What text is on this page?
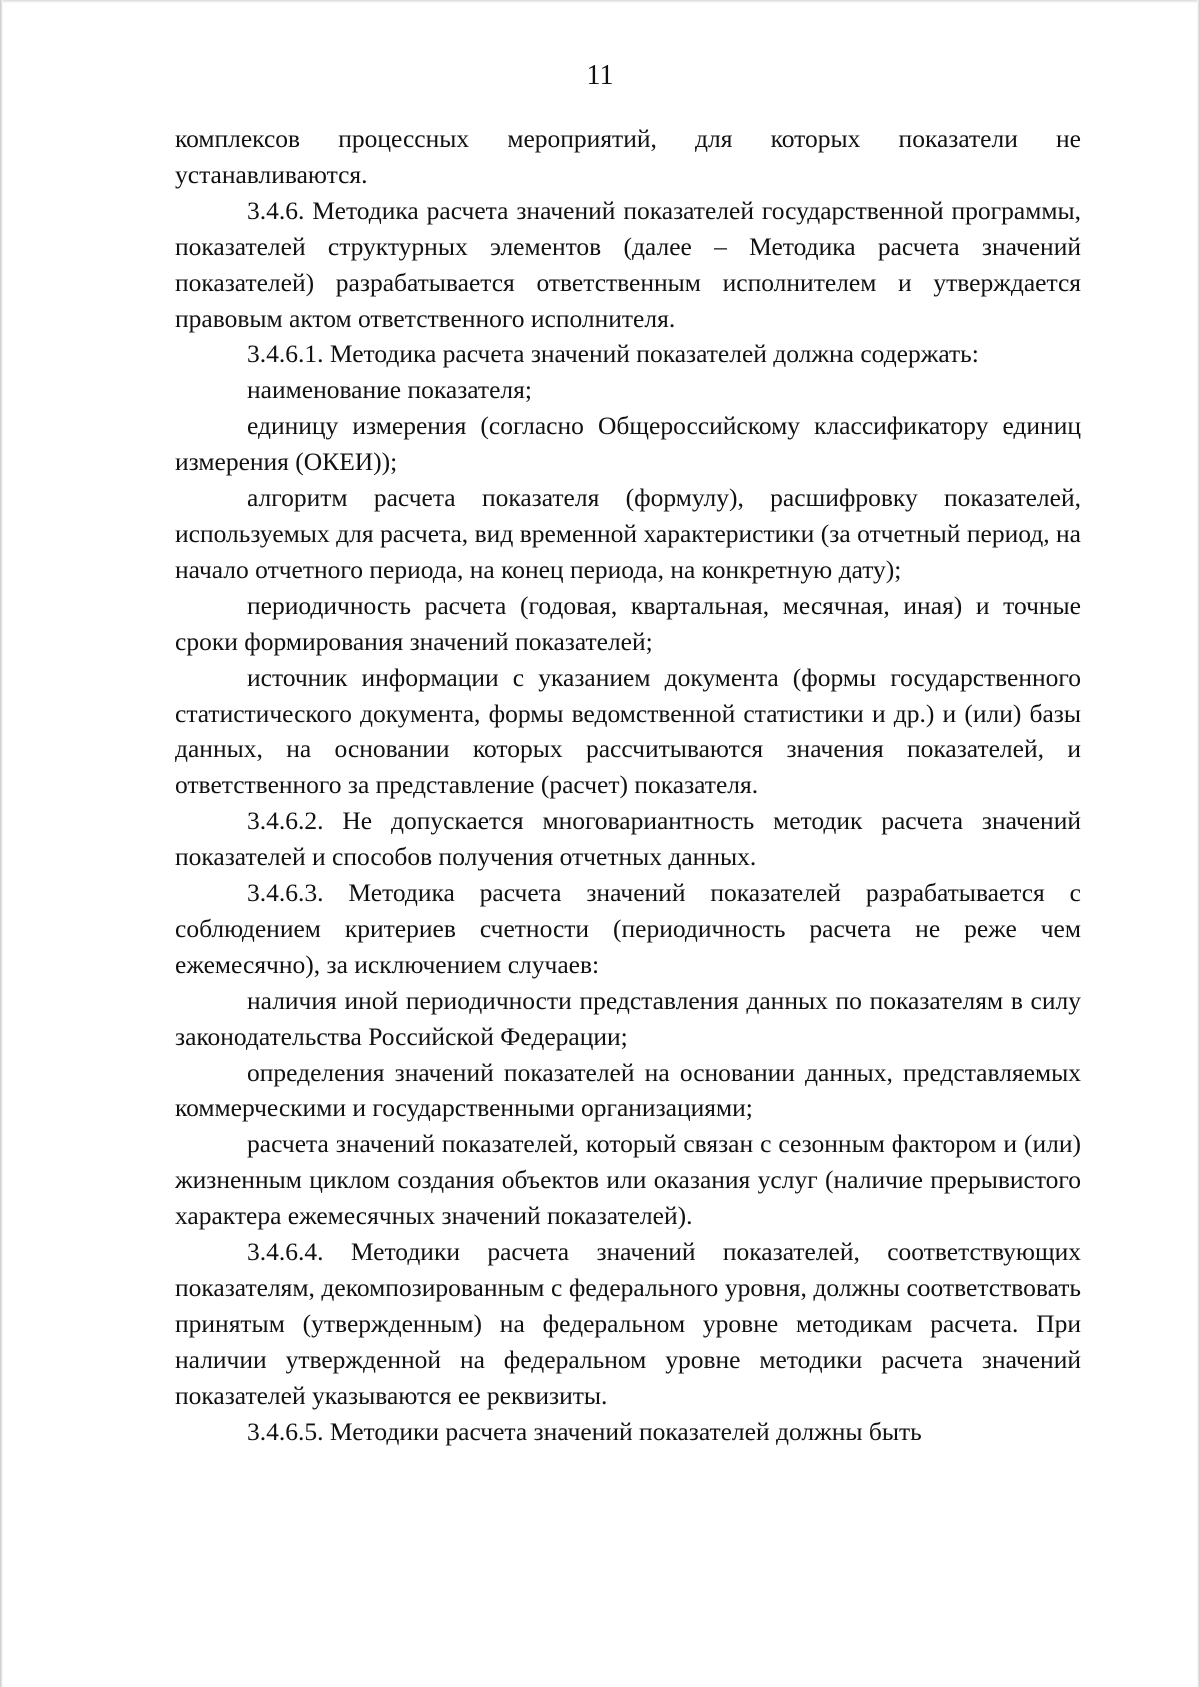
11

комплексов процессных мероприятий, для которых показатели не устанавливаются.

3.4.6. Методика расчета значений показателей государственной программы, показателей структурных элементов (далее – Методика расчета значений показателей) разрабатывается ответственным исполнителем и утверждается правовым актом ответственного исполнителя.

3.4.6.1. Методика расчета значений показателей должна содержать:

наименование показателя;

единицу измерения (согласно Общероссийскому классификатору единиц измерения (ОКЕИ));

алгоритм расчета показателя (формулу), расшифровку показателей, используемых для расчета, вид временной характеристики (за отчетный период, на начало отчетного периода, на конец периода, на конкретную дату);

периодичность расчета (годовая, квартальная, месячная, иная) и точные сроки формирования значений показателей;

источник информации с указанием документа (формы государственного статистического документа, формы ведомственной статистики и др.) и (или) базы данных, на основании которых рассчитываются значения показателей, и ответственного за представление (расчет) показателя.

3.4.6.2. Не допускается многовариантность методик расчета значений показателей и способов получения отчетных данных.

3.4.6.3. Методика расчета значений показателей разрабатывается с соблюдением критериев счетности (периодичность расчета не реже чем ежемесячно), за исключением случаев:

наличия иной периодичности представления данных по показателям в силу законодательства Российской Федерации;

определения значений показателей на основании данных, представляемых коммерческими и государственными организациями;

расчета значений показателей, который связан с сезонным фактором и (или) жизненным циклом создания объектов или оказания услуг (наличие прерывистого характера ежемесячных значений показателей).

3.4.6.4. Методики расчета значений показателей, соответствующих показателям, декомпозированным с федерального уровня, должны соответствовать принятым (утвержденным) на федеральном уровне методикам расчета. При наличии утвержденной на федеральном уровне методики расчета значений показателей указываются ее реквизиты.

3.4.6.5. Методики расчета значений показателей должны быть
